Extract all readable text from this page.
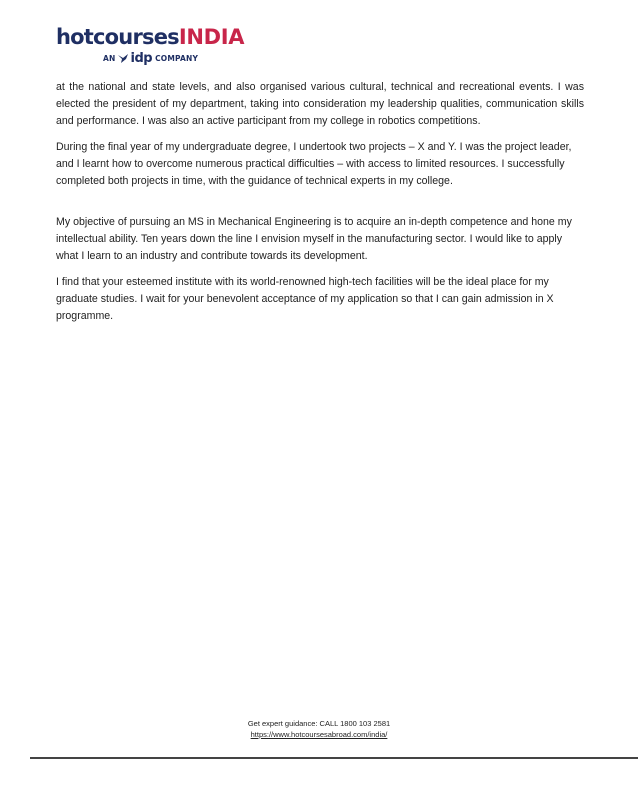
hotcoursesINDIA
AN idp COMPANY

at the national and state levels, and also organised various cultural, technical and recreational events. I was elected the president of my department, taking into consideration my leadership qualities, communication skills and performance. I was also an active participant from my college in robotics competitions.

During the final year of my undergraduate degree, I undertook two projects – X and Y. I was the project leader, and I learnt how to overcome numerous practical difficulties – with access to limited resources. I successfully completed both projects in time, with the guidance of technical experts in my college.

My objective of pursuing an MS in Mechanical Engineering is to acquire an in-depth competence and hone my intellectual ability. Ten years down the line I envision myself in the manufacturing sector. I would like to apply what I learn to an industry and contribute towards its development.

I find that your esteemed institute with its world-renowned high-tech facilities will be the ideal place for my graduate studies. I wait for your benevolent acceptance of my application so that I can gain admission in X programme.

Get expert guidance: CALL 1800 103 2581
https://www.hotcoursesabroad.com/india/
